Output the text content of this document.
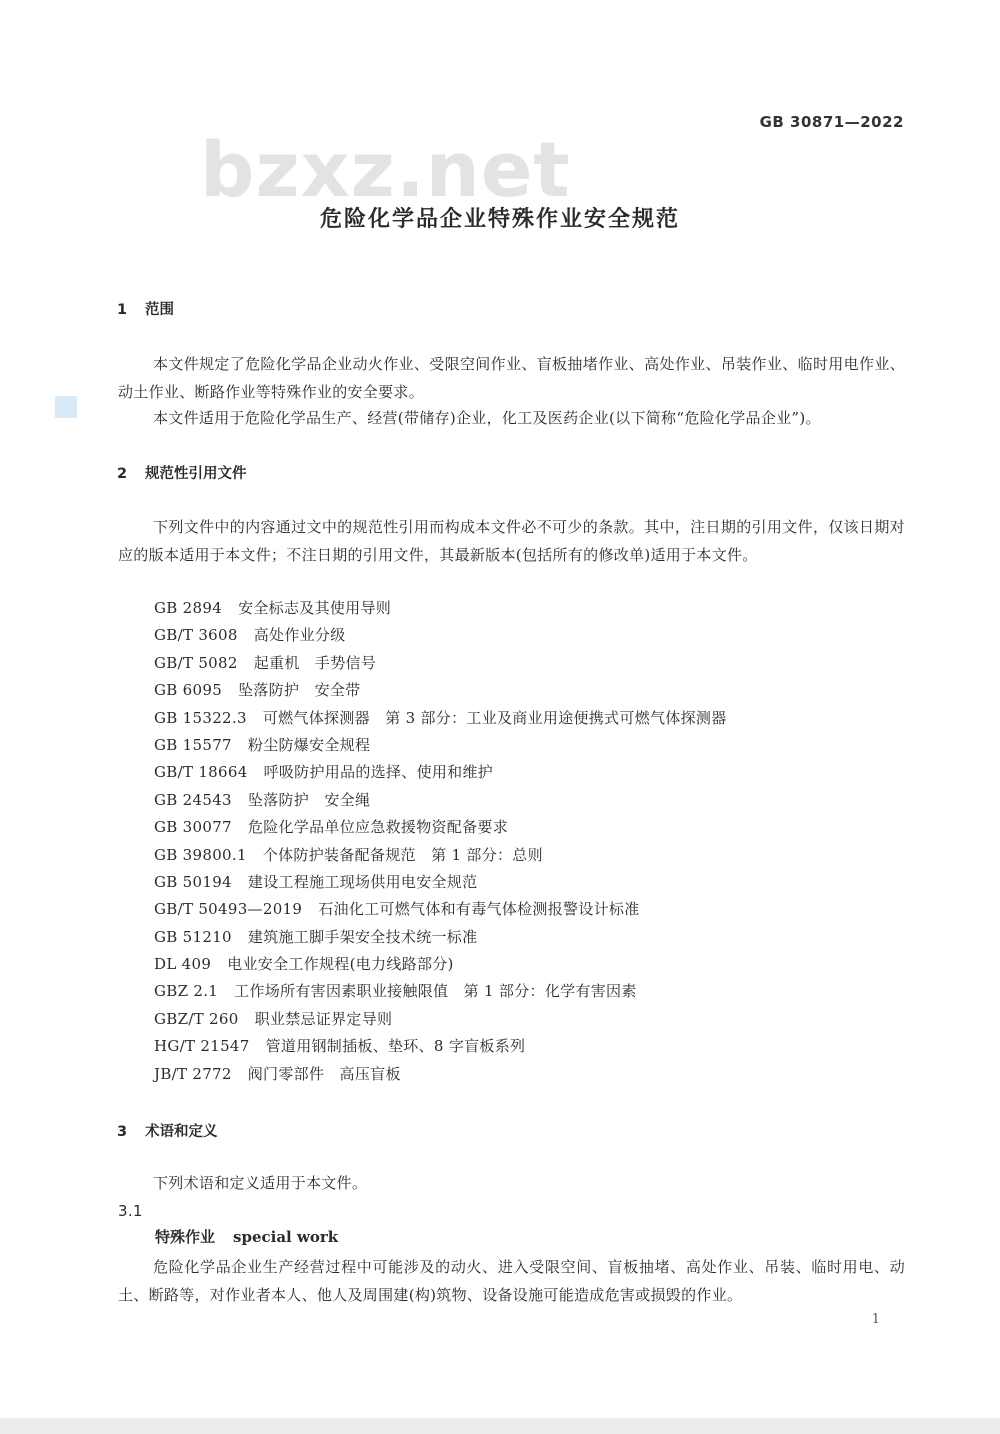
bzxz.net
GB 30871—2022
危险化学品企业特殊作业安全规范
1 范围
本文件规定了危险化学品企业动火作业、受限空间作业、盲板抽堵作业、高处作业、吊装作业、临时用电作业、动土作业、断路作业等特殊作业的安全要求。
本文件适用于危险化学品生产、经营(带储存)企业，化工及医药企业(以下简称“危险化学品企业”)。
2 规范性引用文件
下列文件中的内容通过文中的规范性引用而构成本文件必不可少的条款。其中，注日期的引用文件，仅该日期对应的版本适用于本文件；不注日期的引用文件，其最新版本(包括所有的修改单)适用于本文件。
GB 2894 安全标志及其使用导则
GB/T 3608 高处作业分级
GB/T 5082 起重机　手势信号
GB 6095 坠落防护　安全带
GB 15322.3 可燃气体探测器　第 3 部分：工业及商业用途便携式可燃气体探测器
GB 15577 粉尘防爆安全规程
GB/T 18664 呼吸防护用品的选择、使用和维护
GB 24543 坠落防护　安全绳
GB 30077 危险化学品单位应急救援物资配备要求
GB 39800.1 个体防护装备配备规范　第 1 部分：总则
GB 50194 建设工程施工现场供用电安全规范
GB/T 50493—2019 石油化工可燃气体和有毒气体检测报警设计标准
GB 51210 建筑施工脚手架安全技术统一标准
DL 409 电业安全工作规程(电力线路部分)
GBZ 2.1 工作场所有害因素职业接触限值　第 1 部分：化学有害因素
GBZ/T 260 职业禁忌证界定导则
HG/T 21547 管道用钢制插板、垫环、8 字盲板系列
JB/T 2772 阀门零部件　高压盲板
3 术语和定义
下列术语和定义适用于本文件。
3.1
特殊作业 special work
危险化学品企业生产经营过程中可能涉及的动火、进入受限空间、盲板抽堵、高处作业、吊装、临时用电、动土、断路等，对作业者本人、他人及周围建(构)筑物、设备设施可能造成危害或损毁的作业。
1
